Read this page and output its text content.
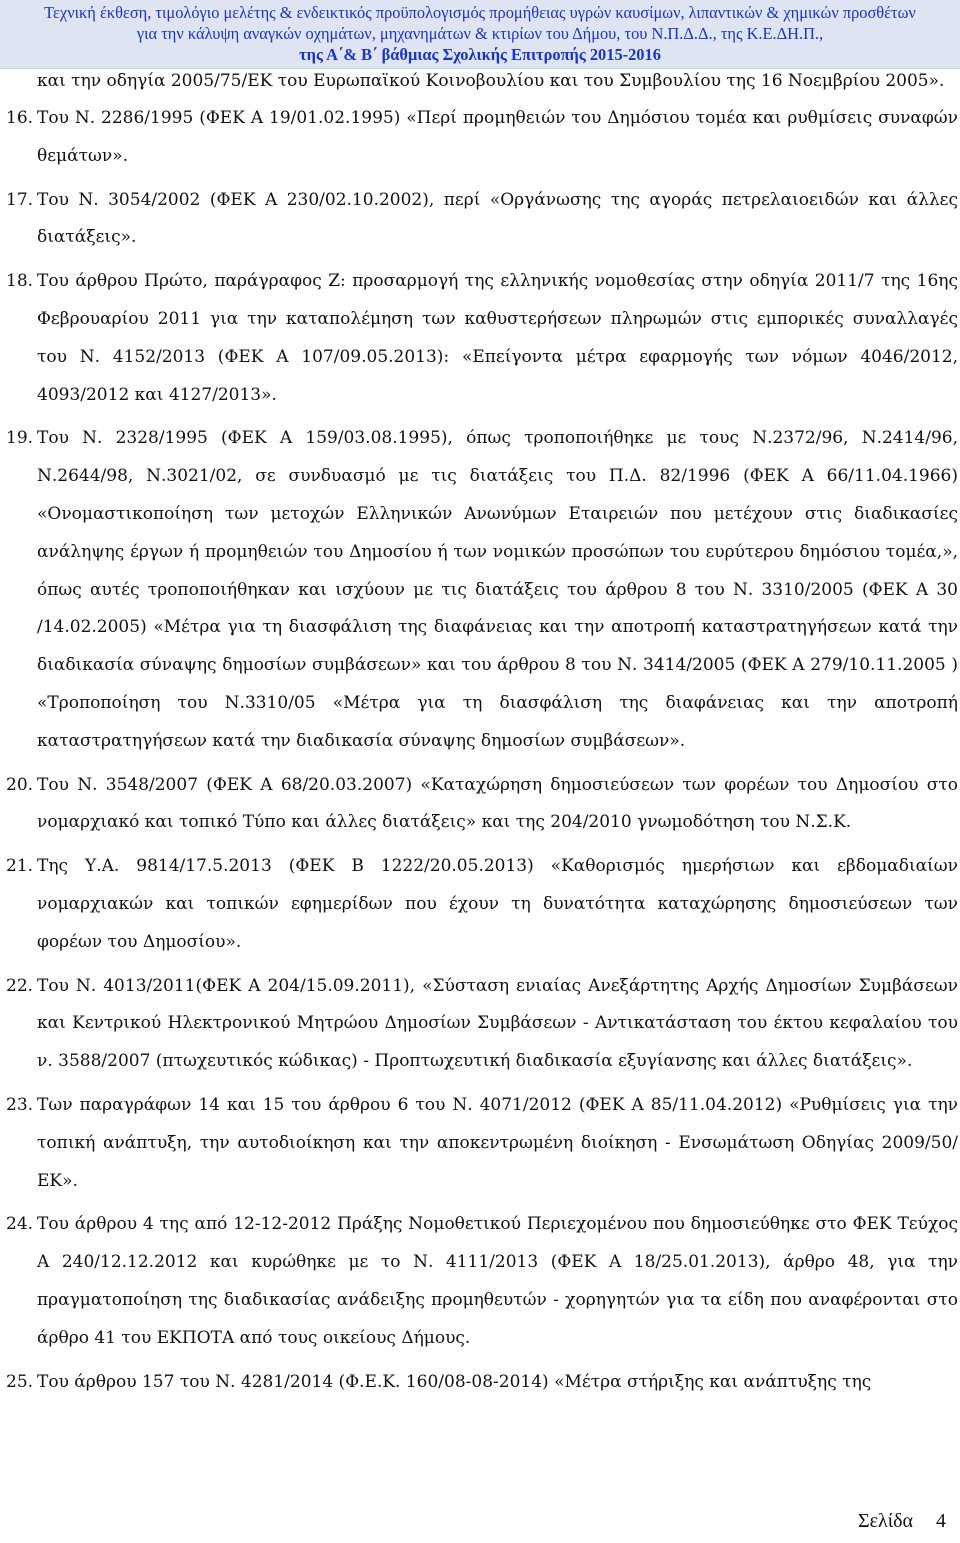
Τεχνική έκθεση, τιμολόγιο μελέτης & ενδεικτικός προϋπολογισμός προμήθειας υγρών καυσίμων, λιπαντικών & χημικών προσθέτων
για την κάλυψη αναγκών οχημάτων, μηχανημάτων & κτιρίων του Δήμου, του Ν.Π.Δ.Δ., της Κ.Ε.ΔΗ.Π.,
της Α΄& Β΄ βάθμιας Σχολικής Επιτροπής 2015-2016
και την οδηγία 2005/75/ΕΚ του Ευρωπαϊκού Κοινοβουλίου και του Συμβουλίου της 16 Νοεμβρίου 2005».
16. Του Ν. 2286/1995 (ΦΕΚ Α 19/01.02.1995) «Περί προμηθειών του Δημόσιου τομέα και ρυθμίσεις συναφών θεμάτων».
17. Του Ν. 3054/2002 (ΦΕΚ Α 230/02.10.2002), περί «Οργάνωσης της αγοράς πετρελαιοειδών και άλλες διατάξεις».
18. Του άρθρου Πρώτο, παράγραφος Ζ: προσαρμογή της ελληνικής νομοθεσίας στην οδηγία 2011/7 της 16ης Φεβρουαρίου 2011 για την καταπολέμηση των καθυστερήσεων πληρωμών στις εμπορικές συναλλαγές του Ν. 4152/2013 (ΦΕΚ Α 107/09.05.2013): «Επείγοντα μέτρα εφαρμογής των νόμων 4046/2012, 4093/2012 και 4127/2013».
19. Του Ν. 2328/1995 (ΦΕΚ Α 159/03.08.1995), όπως τροποποιήθηκε με τους Ν.2372/96, Ν.2414/96, Ν.2644/98, Ν.3021/02, σε συνδυασμό με τις διατάξεις του Π.Δ. 82/1996 (ΦΕΚ Α 66/11.04.1966) «Ονομαστικοποίηση των μετοχών Ελληνικών Ανωνύμων Εταιρειών που μετέχουν στις διαδικασίες ανάληψης έργων ή προμηθειών του Δημοσίου ή των νομικών προσώπων του ευρύτερου δημόσιου τομέα,», όπως αυτές τροποποιήθηκαν και ισχύουν με τις διατάξεις του άρθρου 8 του Ν. 3310/2005 (ΦΕΚ Α 30 /14.02.2005) «Μέτρα για τη διασφάλιση της διαφάνειας και την αποτροπή καταστρατηγήσεων κατά την διαδικασία σύναψης δημοσίων συμβάσεων» και του άρθρου 8 του Ν. 3414/2005 (ΦΕΚ Α 279/10.11.2005 ) «Τροποποίηση του Ν.3310/05 «Μέτρα για τη διασφάλιση της διαφάνειας και την αποτροπή καταστρατηγήσεων κατά την διαδικασία σύναψης δημοσίων συμβάσεων».
20. Του Ν. 3548/2007 (ΦΕΚ Α 68/20.03.2007) «Καταχώρηση δημοσιεύσεων των φορέων του Δημοσίου στο νομαρχιακό και τοπικό Τύπο και άλλες διατάξεις» και της 204/2010 γνωμοδότηση του Ν.Σ.Κ.
21. Της Υ.Α. 9814/17.5.2013 (ΦΕΚ Β 1222/20.05.2013) «Καθορισμός ημερήσιων και εβδομαδιαίων νομαρχιακών και τοπικών εφημερίδων που έχουν τη δυνατότητα καταχώρησης δημοσιεύσεων των φορέων του Δημοσίου».
22. Του Ν. 4013/2011(ΦΕΚ Α 204/15.09.2011), «Σύσταση ενιαίας Ανεξάρτητης Αρχής Δημοσίων Συμβάσεων και Κεντρικού Ηλεκτρονικού Μητρώου Δημοσίων Συμβάσεων - Αντικατάσταση του έκτου κεφαλαίου του ν. 3588/2007 (πτωχευτικός κώδικας) - Προπτωχευτική διαδικασία εξυγίανσης και άλλες διατάξεις».
23. Των παραγράφων 14 και 15 του άρθρου 6 του Ν. 4071/2012 (ΦΕΚ Α 85/11.04.2012) «Ρυθμίσεις για την τοπική ανάπτυξη, την αυτοδιοίκηση και την αποκεντρωμένη διοίκηση - Ενσωμάτωση Οδηγίας 2009/50/ΕΚ».
24. Του άρθρου 4 της από 12-12-2012 Πράξης Νομοθετικού Περιεχομένου που δημοσιεύθηκε στο ΦΕΚ Τεύχος Α 240/12.12.2012 και κυρώθηκε με το Ν. 4111/2013 (ΦΕΚ Α 18/25.01.2013), άρθρο 48, για την πραγματοποίηση της διαδικασίας ανάδειξης προμηθευτών - χορηγητών για τα είδη που αναφέρονται στο άρθρο 41 του ΕΚΠΟΤΑ από τους οικείους Δήμους.
25. Του άρθρου 157 του Ν. 4281/2014 (Φ.Ε.Κ. 160/08-08-2014) «Μέτρα στήριξης και ανάπτυξης της
Σελίδα 4
